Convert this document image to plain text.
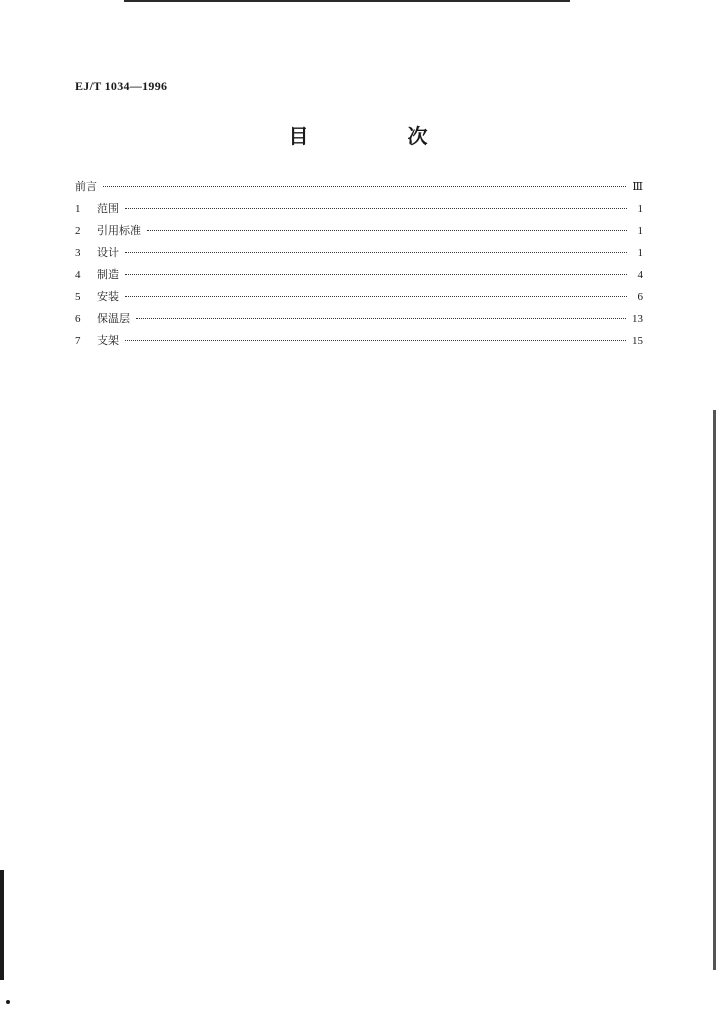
EJ/T 1034—1996
目 次
前言	Ⅲ
1	范围	1
2	引用标准	1
3	设计	1
4	制造	4
5	安装	6
6	保温层	13
7	支架	15
